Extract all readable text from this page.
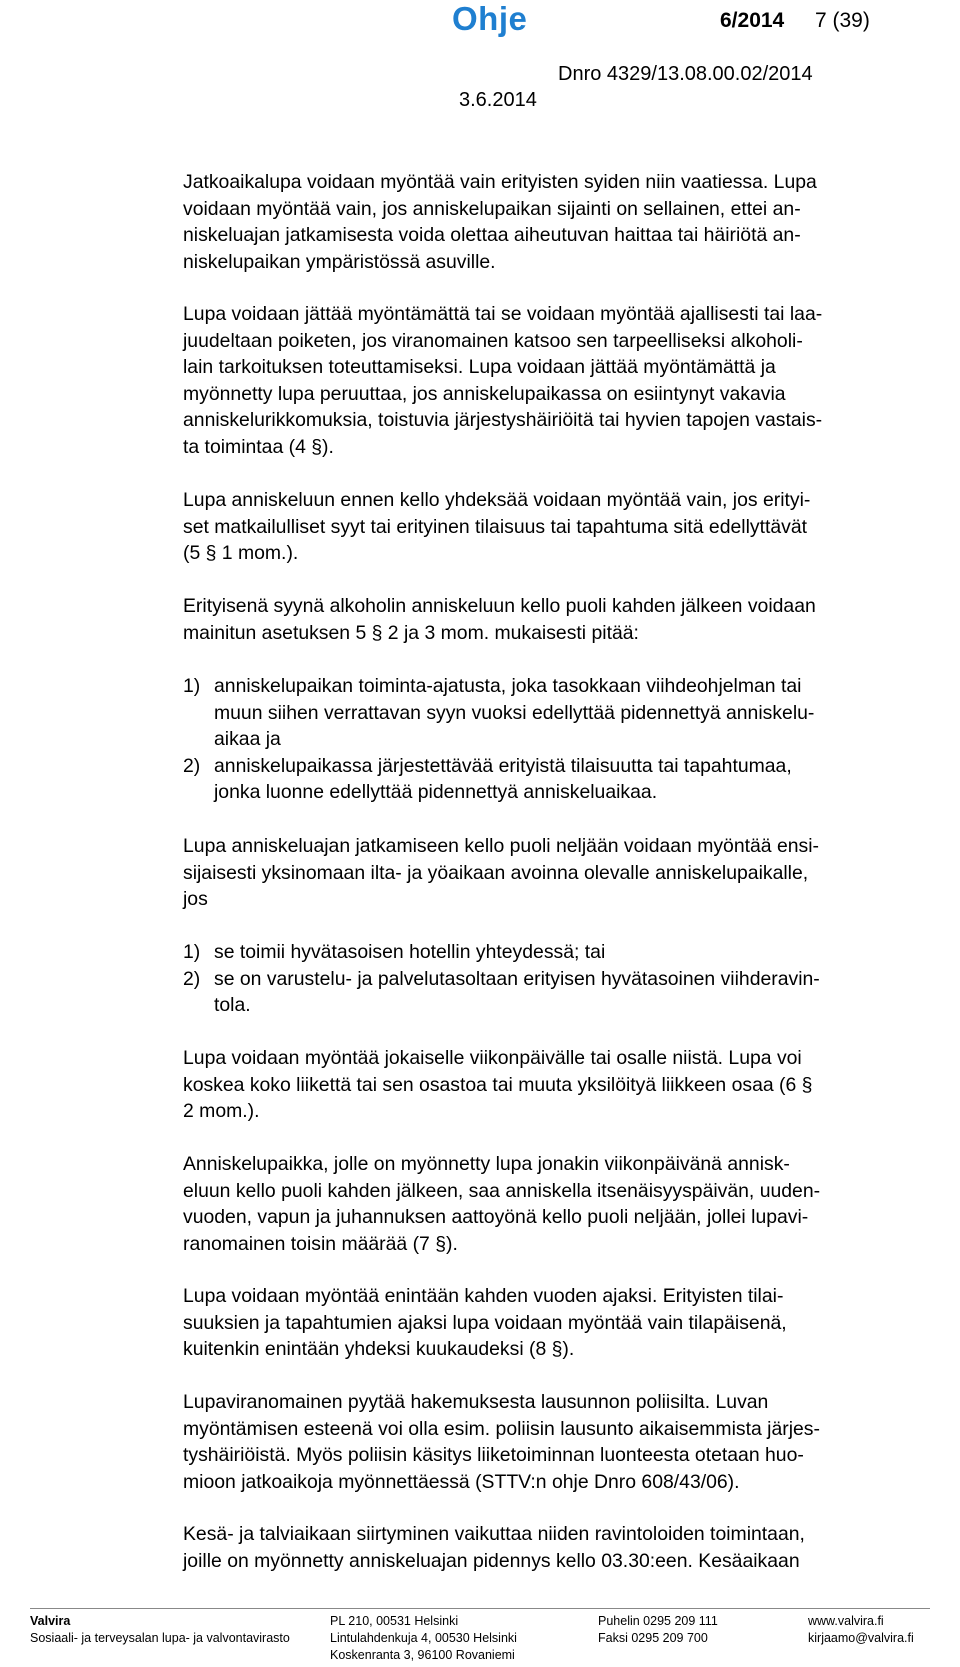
Ohje	6/2014 7 (39)
Dnro 4329/13.08.00.02/2014
3.6.2014
Jatkoaikalupa voidaan myöntää vain erityisten syiden niin vaatiessa. Lupa
voidaan myöntää vain, jos anniskelupaikan sijainti on sellainen, ettei an-
niskeluajan jatkamisesta voida olettaa aiheutuvan haittaa tai häiriötä an-
niskelupaikan ympäristössä asuville.
Lupa voidaan jättää myöntämättä tai se voidaan myöntää ajallisesti tai laa-
juudeltaan poiketen, jos viranomainen katsoo sen tarpeelliseksi alkoholi-
lain tarkoituksen toteuttamiseksi. Lupa voidaan jättää myöntämättä ja
myönnetty lupa peruuttaa, jos anniskelupaikassa on esiintynyt vakavia
anniskelurikkomuksia, toistuvia järjestyshäiriöitä tai hyvien tapojen vastais-
ta toimintaa (4 §).
Lupa anniskeluun ennen kello yhdeksää voidaan myöntää vain, jos erityi-
set matkailulliset syyt tai erityinen tilaisuus tai tapahtuma sitä edellyttävät
(5 § 1 mom.).
Erityisenä syynä alkoholin anniskeluun kello puoli kahden jälkeen voidaan
mainitun asetuksen 5 § 2 ja 3 mom. mukaisesti pitää:
1) anniskelupaikan toiminta-ajatusta, joka tasokkaan viihdeohjelman tai
muun siihen verrattavan syyn vuoksi edellyttää pidennettyä anniskelu-
aikaa ja
2) anniskelupaikassa järjestettävää erityistä tilaisuutta tai tapahtumaa,
jonka luonne edellyttää pidennettyä anniskeluaikaa.
Lupa anniskeluajan jatkamiseen kello puoli neljään voidaan myöntää ensi-
sijaisesti yksinomaan ilta- ja yöaikaan avoinna olevalle anniskelupaikalle,
jos
1) se toimii hyvätasoisen hotellin yhteydessä; tai
2) se on varustelu- ja palvelutasoltaan erityisen hyvätasoinen viihderavin-
tola.
Lupa voidaan myöntää jokaiselle viikonpäivälle tai osalle niistä. Lupa voi
koskea koko liikettä tai sen osastoa tai muuta yksilöityä liikkeen osaa (6 §
2 mom.).
Anniskelupaikka, jolle on myönnetty lupa jonakin viikonpäivänä annisk-
eluun kello puoli kahden jälkeen, saa anniskella itsenäisyyspäivän, uuden-
vuoden, vapun ja juhannuksen aattoyönä kello puoli neljään, jollei lupavi-
ranomainen toisin määrää (7 §).
Lupa voidaan myöntää enintään kahden vuoden ajaksi. Erityisten tilai-
suuksien ja tapahtumien ajaksi lupa voidaan myöntää vain tilapäisenä,
kuitenkin enintään yhdeksi kuukaudeksi (8 §).
Lupaviranomainen pyytää hakemuksesta lausunnon poliisilta. Luvan
myöntämisen esteenä voi olla esim. poliisin lausunto aikaisemmista järjes-
tyshäiriöistä. Myös poliisin käsitys liiketoiminnan luonteesta otetaan huo-
mioon jatkoaikoja myönnettäessä (STTV:n ohje Dnro 608/43/06).
Kesä- ja talviaikaan siirtyminen vaikuttaa niiden ravintoloiden toimintaan,
joille on myönnetty anniskeluajan pidennys kello 03.30:een. Kesäaikaan
Valvira
Sosiaali- ja terveysalan lupa- ja valvontavirasto
PL 210, 00531 Helsinki
Lintulahdenkuja 4, 00530 Helsinki
Koskenranta 3, 96100 Rovaniemi
Puhelin 0295 209 111
Faksi 0295 209 700
www.valvira.fi
kirjaamo@valvira.fi
